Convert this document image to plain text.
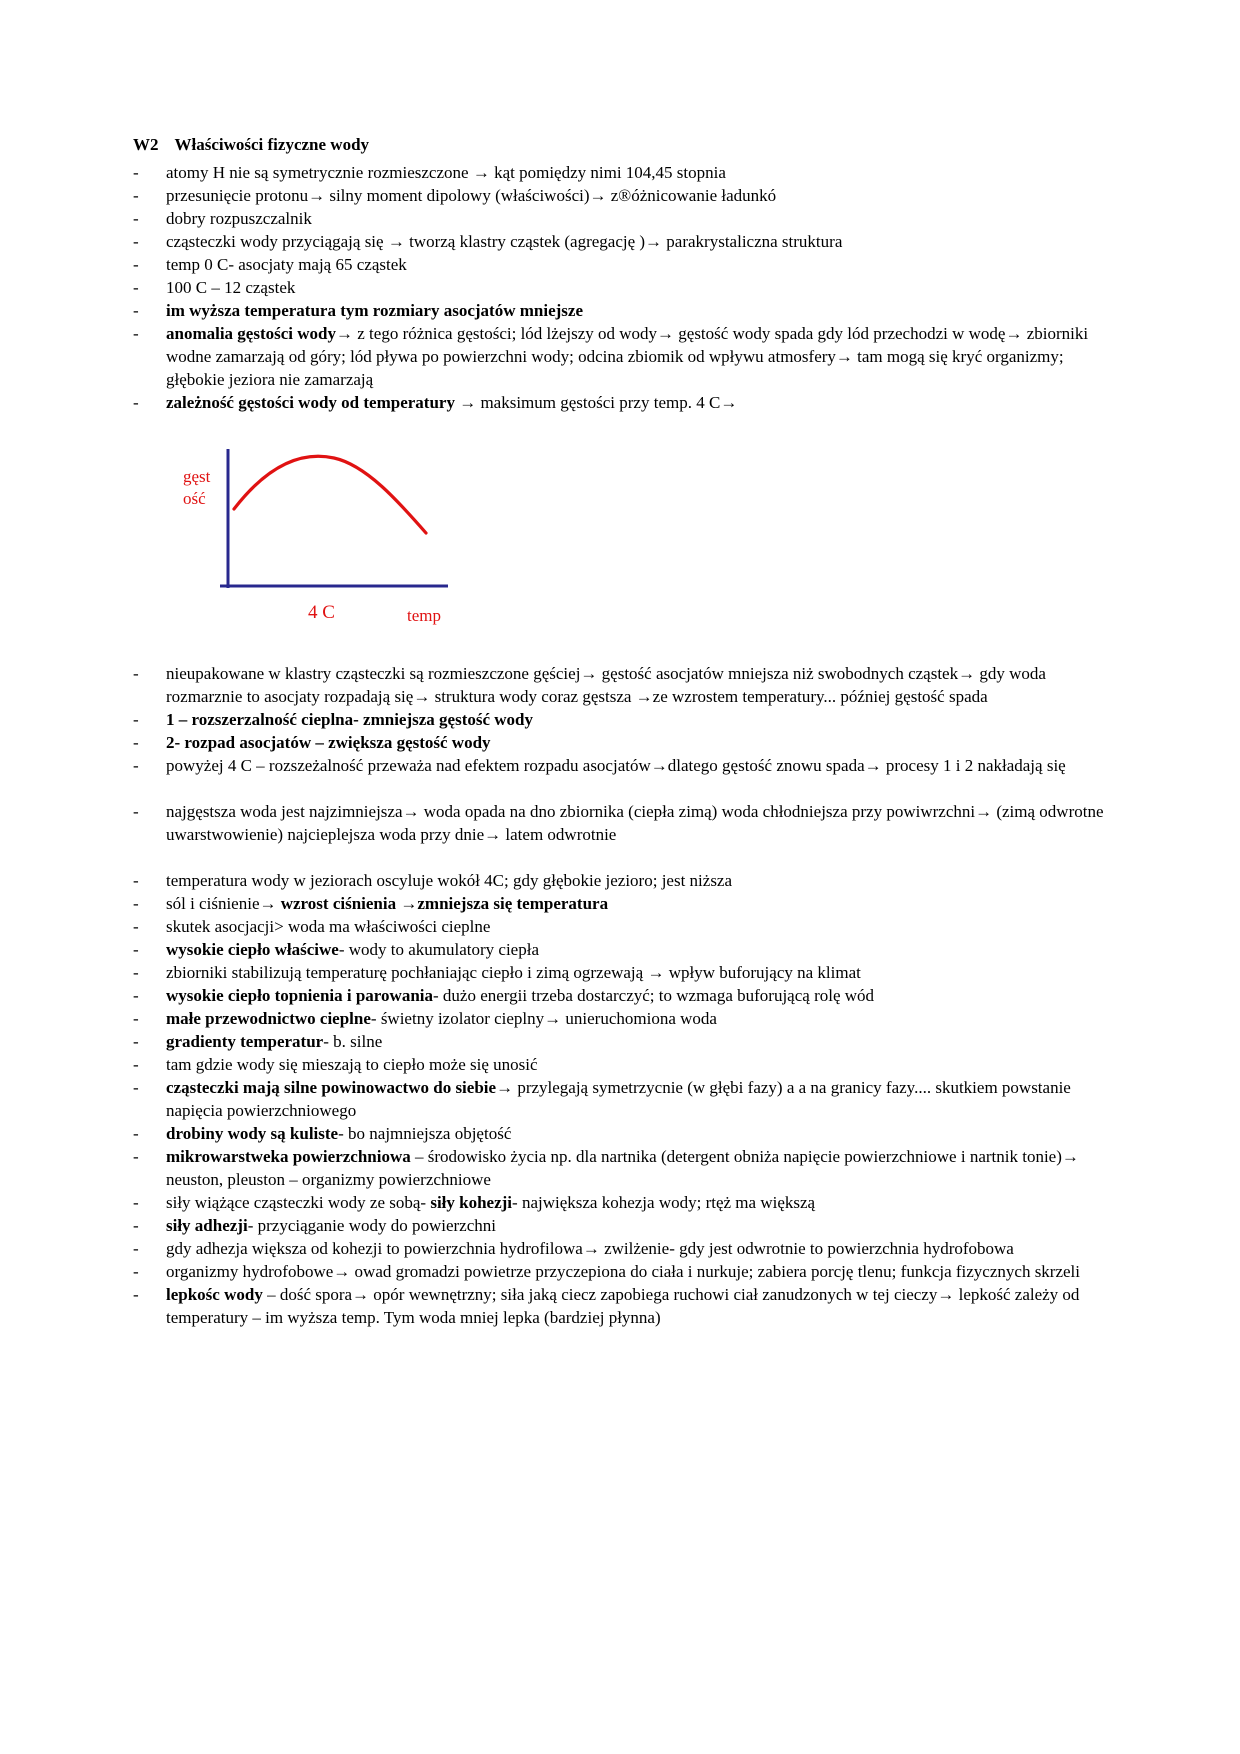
W2 Właściwości fizyczne wody

- atomy H nie są symetrycznie rozmieszczone → kąt pomiędzy nimi 104,45 stopnia
- przesunięcie protonu→ silny moment dipolowy (właściwości)→ z®óżnicowanie ładunkó
- dobry rozpuszczalnik
- cząsteczki wody przyciągają się → tworzą klastry cząstek (agregację )→ parakrystaliczna struktura
- temp 0 C- asocjaty mają 65 cząstek
- 100 C – 12 cząstek
- im wyższa temperatura tym rozmiary asocjatów mniejsze
- anomalia gęstości wody→ z tego różnica gęstości; lód lżejszy od wody→ gęstość wody spada gdy lód przechodzi w wodę→ zbiorniki wodne zamarzają od góry; lód pływa po powierzchni wody; odcina zbiomik od wpływu atmosfery→ tam mogą się kryć organizmy; głębokie jeziora nie zamarzają
- zależność gęstości wody od temperatury → maksimum gęstości przy temp. 4 C→
gęst
ość
4 C	temp
- nieupakowane w klastry cząsteczki są rozmieszczone gęściej→ gęstość asocjatów mniejsza niż swobodnych cząstek→ gdy woda rozmarznie to asocjaty rozpadają się→ struktura wody coraz gęstsza →ze wzrostem temperatury... później gęstość spada
- 1 – rozszerzalność cieplna- zmniejsza gęstość wody
- 2- rozpad asocjatów – zwiększa gęstość wody
- powyżej 4 C – rozszeżalność przeważa nad efektem rozpadu asocjatów→dlatego gęstość znowu spada→ procesy 1 i 2 nakładają się
- najgęstsza woda jest najzimniejsza→ woda opada na dno zbiornika (ciepła zimą) woda chłodniejsza przy powiwrzchni→ (zimą odwrotne uwarstwowienie) najcieplejsza woda przy dnie→ latem odwrotnie
- temperatura wody w jeziorach oscyluje wokół 4C; gdy głębokie jezioro; jest niższa
- sól i ciśnienie→ wzrost ciśnienia →zmniejsza się temperatura
- skutek asocjacji> woda ma właściwości cieplne
- wysokie ciepło właściwe- wody to akumulatory ciepła
- zbiorniki stabilizują temperaturę pochłaniając ciepło i zimą ogrzewają → wpływ buforujący na klimat
- wysokie ciepło topnienia i parowania- dużo energii trzeba dostarczyć; to wzmaga buforującą rolę wód
- małe przewodnictwo cieplne- świetny izolator cieplny→ unieruchomiona woda
- gradienty temperatur- b. silne
- tam gdzie wody się mieszają to ciepło może się unosić
- cząsteczki mają silne powinowactwo do siebie→ przylegają symetrzycnie (w głębi fazy) a a na granicy fazy.... skutkiem powstanie napięcia powierzchniowego
- drobiny wody są kuliste- bo najmniejsza objętość
- mikrowarstweka powierzchniowa – środowisko życia np. dla nartnika (detergent obniża napięcie powierzchniowe i nartnik tonie)→ neuston, pleuston – organizmy powierzchniowe
- siły wiążące cząsteczki wody ze sobą- siły kohezji- największa kohezja wody; rtęż ma większą
- siły adhezji- przyciąganie wody do powierzchni
- gdy adhezja większa od kohezji to powierzchnia hydrofilowa→ zwilżenie- gdy jest odwrotnie to powierzchnia hydrofobowa
- organizmy hydrofobowe→ owad gromadzi powietrze przyczepiona do ciała i nurkuje; zabiera porcję tlenu; funkcja fizycznych skrzeli
- lepkośc wody – dość spora→ opór wewnętrzny; siła jaką ciecz zapobiega ruchowi ciał zanudzonych w tej cieczy→ lepkość zależy od temperatury – im wyższa temp. Tym woda mniej lepka (bardziej płynna)
